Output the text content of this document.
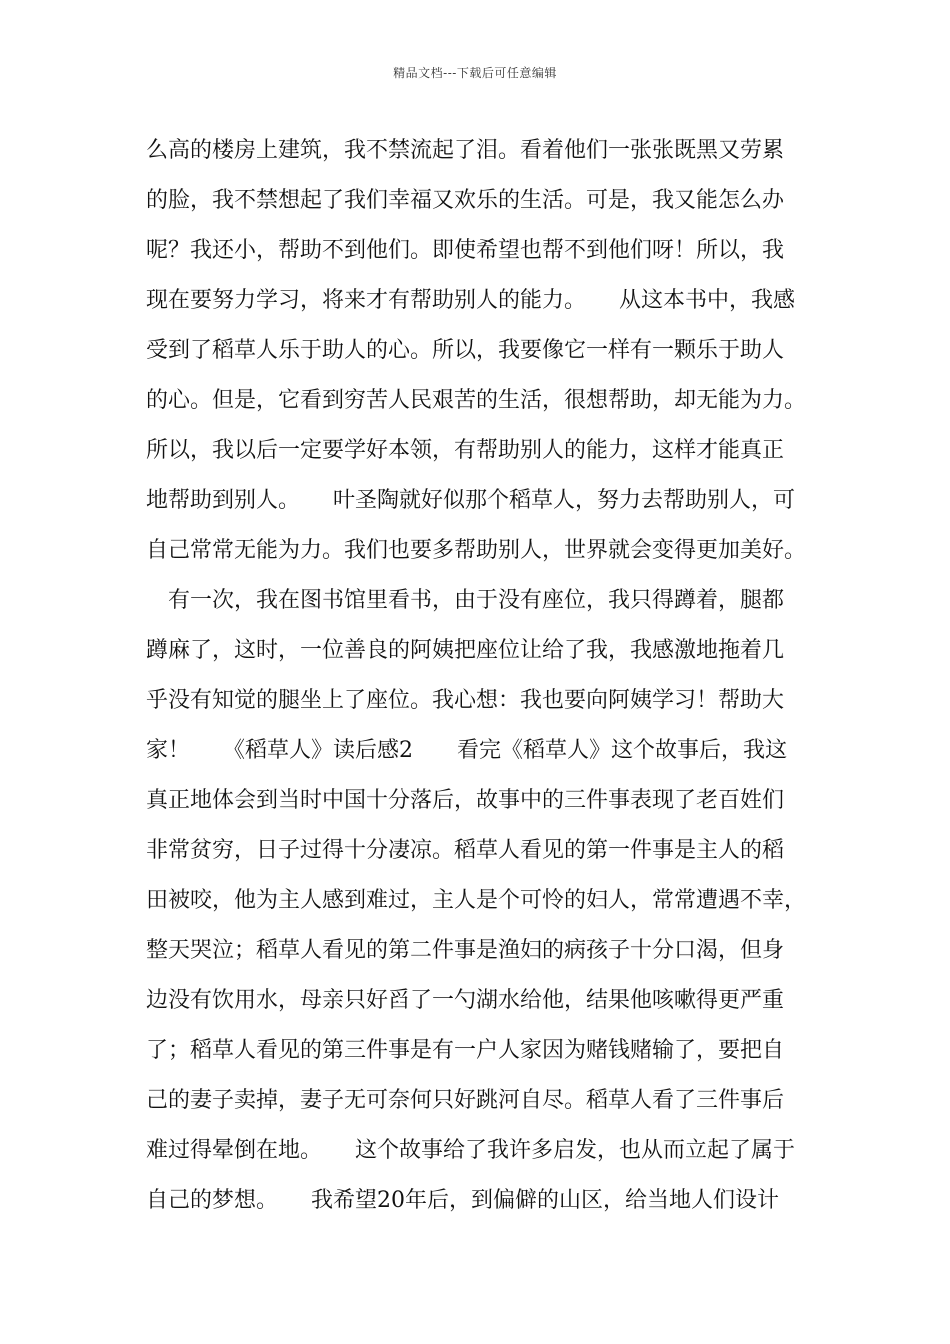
精品文档---下载后可任意编辑
么高的楼房上建筑，我不禁流起了泪。看着他们一张张既黑又劳累
的脸，我不禁想起了我们幸福又欢乐的生活。可是，我又能怎么办
呢？我还小，帮助不到他们。即使希望也帮不到他们呀！所以，我
现在要努力学习，将来才有帮助别人的能力。　　从这本书中，我感
受到了稻草人乐于助人的心。所以，我要像它一样有一颗乐于助人
的心。但是，它看到穷苦人民艰苦的生活，很想帮助，却无能为力。
所以，我以后一定要学好本领，有帮助别人的能力，这样才能真正
地帮助到别人。　　叶圣陶就好似那个稻草人，努力去帮助别人，可
自己常常无能为力。我们也要多帮助别人，世界就会变得更加美好。
　有一次，我在图书馆里看书，由于没有座位，我只得蹲着，腿都
蹲麻了，这时，一位善良的阿姨把座位让给了我，我感激地拖着几
乎没有知觉的腿坐上了座位。我心想：我也要向阿姨学习！帮助大
家！　　《稻草人》读后感2　　看完《稻草人》这个故事后，我这
真正地体会到当时中国十分落后，故事中的三件事表现了老百姓们
非常贫穷，日子过得十分凄凉。稻草人看见的第一件事是主人的稻
田被咬，他为主人感到难过，主人是个可怜的妇人，常常遭遇不幸，
整天哭泣；稻草人看见的第二件事是渔妇的病孩子十分口渴，但身
边没有饮用水，母亲只好舀了一勺湖水给他，结果他咳嗽得更严重
了；稻草人看见的第三件事是有一户人家因为赌钱赌输了，要把自
己的妻子卖掉，妻子无可奈何只好跳河自尽。稻草人看了三件事后
难过得晕倒在地。　　这个故事给了我许多启发，也从而立起了属于
自己的梦想。　　我希望20年后，到偏僻的山区，给当地人们设计
